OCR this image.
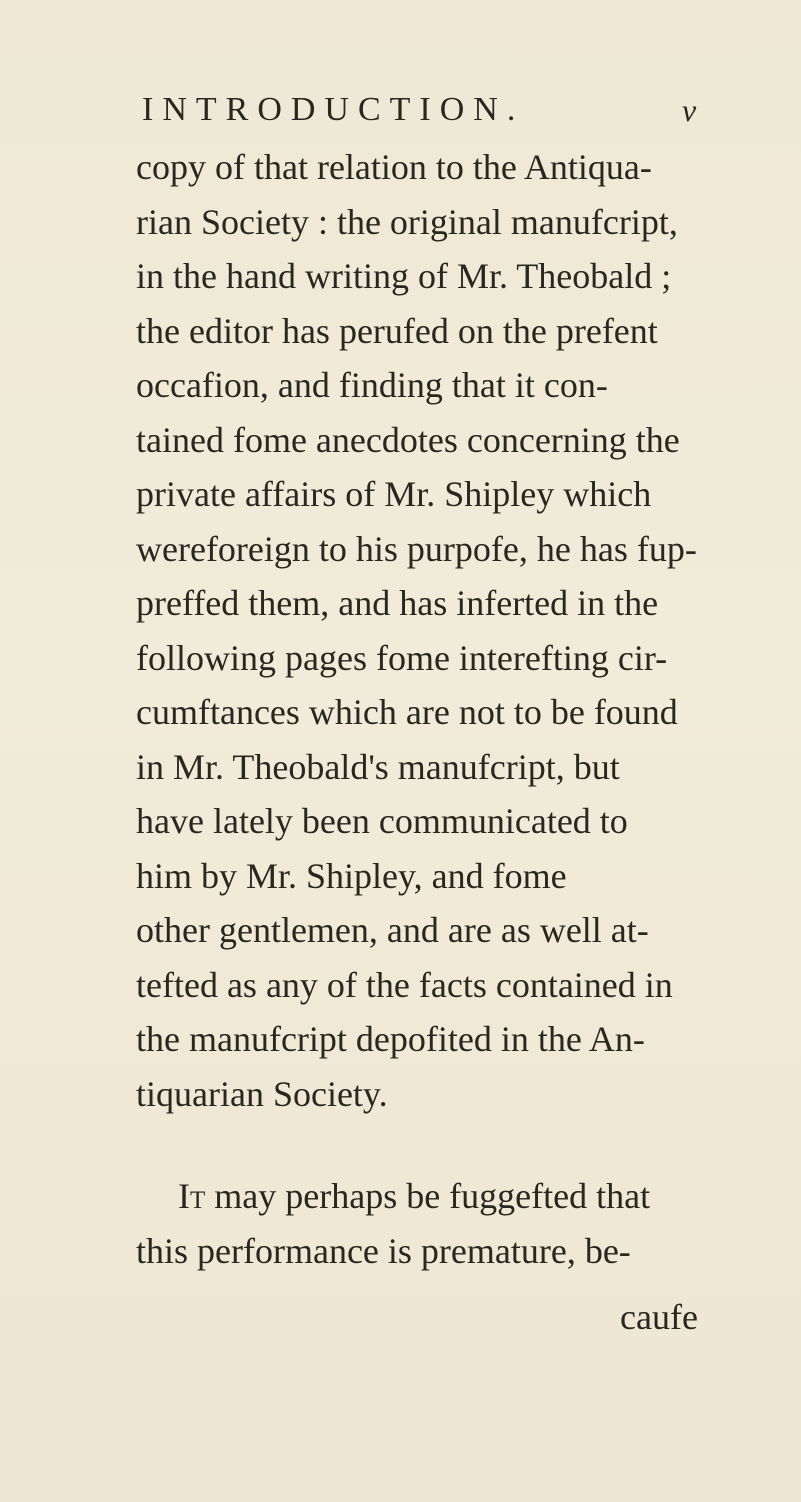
INTRODUCTION.	v
copy of that relation to the Antiqua-
rian Society : the original manufcript,
in the hand writing of Mr. Theobald ;
the editor has perufed on the prefent
occafion, and finding that it con-
tained fome anecdotes concerning the
private affairs of Mr. Shipley which
wereforeign to his purpofe, he has fup-
preffed them, and has inferted in the
following pages fome interefting cir-
cumftances which are not to be found
in Mr. Theobald's manufcript, but
have lately been communicated to
him by Mr. Shipley, and fome
other gentlemen, and are as well at-
tefted as any of the facts contained in
the manufcript depofited in the An-
tiquarian Society.
It may perhaps be fuggefted that
this performance is premature, be-
caufe
